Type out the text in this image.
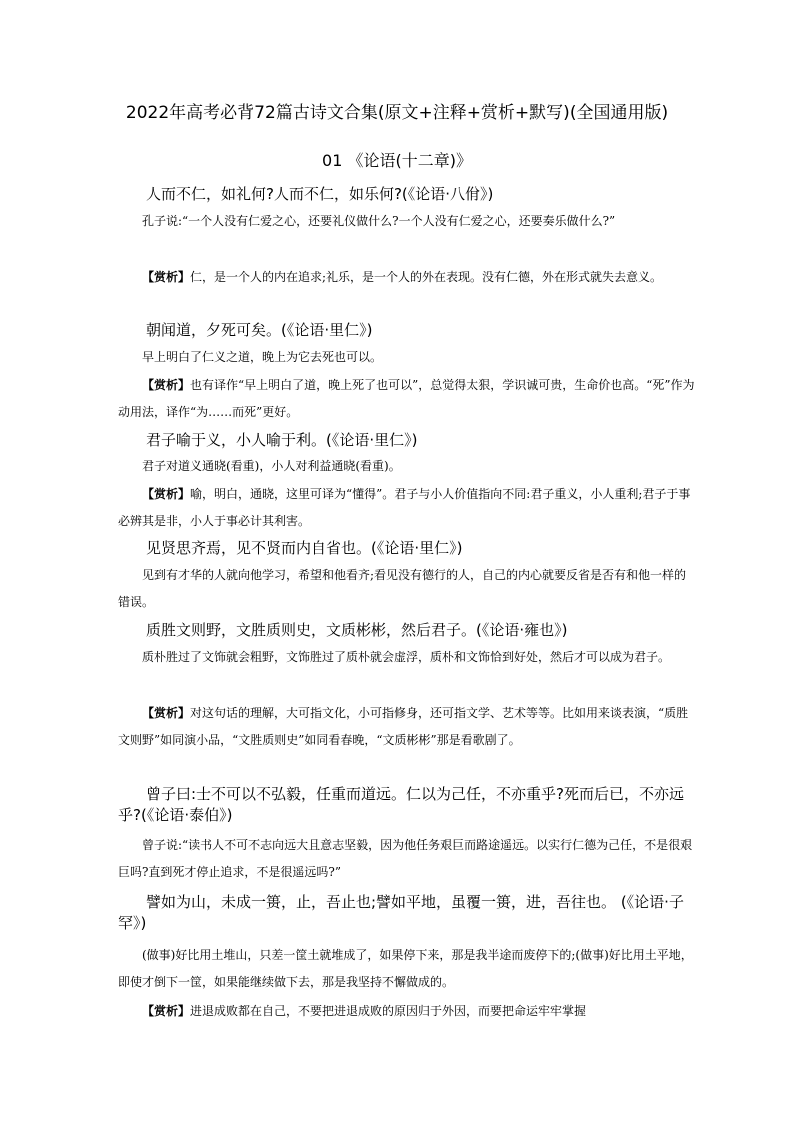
2022年高考必背72篇古诗文合集(原文+注释+赏析+默写)(全国通用版)
01 《论语(十二章)》

人而不仁，如礼何?人而不仁，如乐何?(《论语·八佾》)

孔子说:“一个人没有仁爱之心，还要礼仪做什么?一个人没有仁爱之心，还要奏乐做什么?”

【赏析】仁，是一个人的内在追求;礼乐，是一个人的外在表现。没有仁德，外在形式就失去意义。

朝闻道，夕死可矣。(《论语·里仁》)

早上明白了仁义之道，晚上为它去死也可以。

【赏析】也有译作“早上明白了道，晚上死了也可以”，总觉得太狠，学识诚可贵，生命价也高。“死”作为动用法，译作“为……而死”更好。

君子喻于义，小人喻于利。(《论语·里仁》)

君子对道义通晓(看重)，小人对利益通晓(看重)。

【赏析】喻，明白，通晓，这里可译为“懂得”。君子与小人价值指向不同:君子重义，小人重利;君子于事必辨其是非，小人于事必计其利害。

见贤思齐焉，见不贤而内自省也。(《论语·里仁》)

见到有才华的人就向他学习，希望和他看齐;看见没有德行的人，自己的内心就要反省是否有和他一样的错误。

质胜文则野，文胜质则史，文质彬彬，然后君子。(《论语·雍也》)

质朴胜过了文饰就会粗野，文饰胜过了质朴就会虚浮，质朴和文饰恰到好处，然后才可以成为君子。

【赏析】对这句话的理解，大可指文化，小可指修身，还可指文学、艺术等等。比如用来谈表演，“质胜文则野”如同演小品，“文胜质则史”如同看春晚，“文质彬彬”那是看歌剧了。

曾子曰:士不可以不弘毅，任重而道远。仁以为己任，不亦重乎?死而后已，不亦远乎?(《论语·泰伯》)

曾子说:“读书人不可不志向远大且意志坚毅，因为他任务艰巨而路途遥远。以实行仁德为己任，不是很艰巨吗?直到死才停止追求，不是很遥远吗?”

譬如为山，未成一篑，止，吾止也;譬如平地，虽覆一篑，进，吾往也。 (《论语·子罕》)

(做事)好比用土堆山，只差一筐土就堆成了，如果停下来，那是我半途而废停下的;(做事)好比用土平地，即使才倒下一筐，如果能继续做下去，那是我坚持不懈做成的。

【赏析】进退成败都在自己，不要把进退成败的原因归于外因，而要把命运牢牢掌握
